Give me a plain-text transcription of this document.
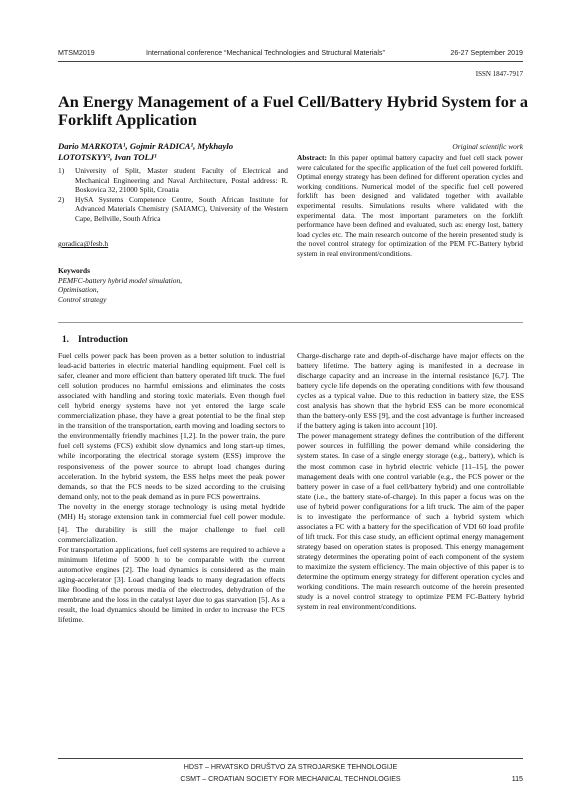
MTSM2019	International conference “Mechanical Technologies and Structural Materials”	26-27 September 2019
ISSN 1847-7917
An Energy Management of a Fuel Cell/Battery Hybrid System for a Forklift Application
Dario MARKOTA¹, Gojmir RADICA¹, Mykhaylo LOTOTSKYY², Ivan TOLJ¹
1)	University of Split, Master student Faculty of Electrical and Mechanical Engineering and Naval Architecture, Postal address: R. Boskovica 32, 21000 Split, Croatia
2)	HySA Systems Competence Centre, South African Institute for Advanced Materials Chemistry (SAIAMC), University of the Western Cape, Bellville, South Africa
goradica@fesb.h
Keywords
PEMFC-battery hybrid model simulation,
Optimisation,
Control strategy
Original scientific work
Abstract: In this paper optimal battery capacity and fuel cell stack power were calculated for the specific application of the fuel cell powered forklift. Optimal energy strategy has been defined for different operation cycles and working conditions. Numerical model of the specific fuel cell powered forklift has been designed and validated together with available experimental results. Simulations results where validated with the experimental data. The most important parameters on the forklift performance have been defined and evaluated, such as: energy lost, battery load cycles etc. The main research outcome of the herein presented study is the novel control strategy for optimization of the PEM FC-Battery hybrid system in real environment/conditions.
1. Introduction

Fuel cells power pack has been proven as a better solution to industrial lead-acid batteries in electric material handling equipment. Fuel cell is safer, cleaner and more efficient than battery operated lift truck. The fuel cell solution produces no harmful emissions and eliminates the costs associated with handling and storing toxic materials. Even though fuel cell hybrid energy systems have not yet entered the large scale commercialization phase, they have a great potential to be the final step in the transition of the transportation, earth moving and loading sectors to the environmentally friendly machines [1,2]. In the power train, the pure fuel cell systems (FCS) exhibit slow dynamics and long start-up times, while incorporating the electrical storage system (ESS) improve the responsiveness of the power source to abrupt load changes during acceleration. In the hybrid system, the ESS helps meet the peak power demands, so that the FCS needs to be sized according to the cruising demand only, not to the peak demand as in pure FCS powertrains.

The novelty in the energy storage technology is using metal hydride (MH) $H_2$ storage extension tank in commercial fuel cell power module. [4]. The durability is still the major challenge to fuel cell commercialization.

For transportation applications, fuel cell systems are required to achieve a minimum lifetime of 5000 h to be comparable with the current automotive engines [2]. The load dynamics is considered as the main aging-accelerator [3]. Load changing leads to many degradation effects like flooding of the porous media of the electrodes, dehydration of the membrane and the loss in the catalyst layer due to gas starvation [5]. As a result, the load dynamics should be limited in order to increase the FCS lifetime.

Charge-discharge rate and depth-of-discharge have major effects on the battery lifetime. The battery aging is manifested in a decrease in discharge capacity and an increase in the internal resistance [6,7]. The battery cycle life depends on the operating conditions with few thousand cycles as a typical value. Due to this reduction in battery size, the ESS cost analysis has shown that the hybrid ESS can be more economical than the battery-only ESS [9], and the cost advantage is further increased if the battery aging is taken into account [10].

The power management strategy defines the contribution of the different power sources in fulfilling the power demand while considering the system states. In case of a single energy storage (e.g., battery), which is the most common case in hybrid electric vehicle [11–15], the power management deals with one control variable (e.g., the FCS power or the battery power in case of a fuel cell/battery hybrid) and one controllable state (i.e., the battery state-of-charge). In this paper a focus was on the use of hybrid power configurations for a lift truck. The aim of the paper is to investigate the performance of such a hybrid system which associates a FC with a battery for the specification of VDI 60 load profile of lift truck. For this case study, an efficient optimal energy management strategy based on operation states is proposed. This energy management strategy determines the operating point of each component of the system to maximize the system efficiency. The main objective of this paper is to determine the optimum energy strategy for different operation cycles and working conditions. The main research outcome of the herein presented study is a novel control strategy to optimize PEM FC-Battery hybrid system in real environment/conditions.

HDST – HRVATSKO DRUŠTVO ZA STROJARSKE TEHNOLOGIJE
CSMT – CROATIAN SOCIETY FOR MECHANICAL TECHNOLOGIES	115
